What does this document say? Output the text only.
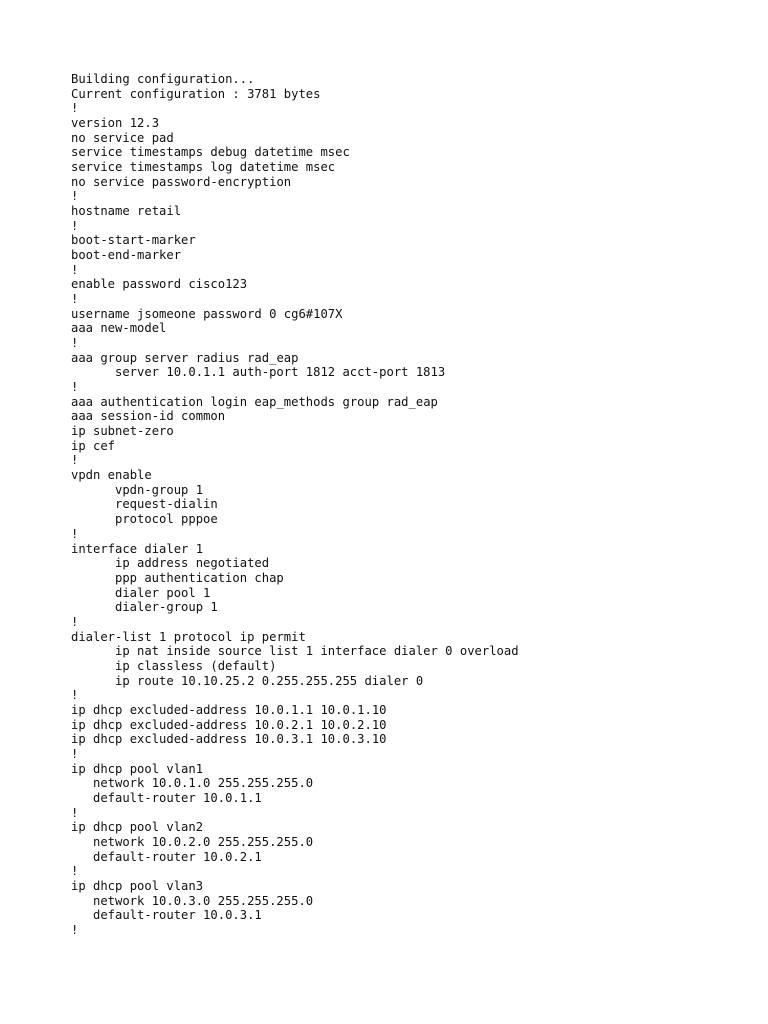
Building configuration...
Current configuration : 3781 bytes
!
version 12.3
no service pad
service timestamps debug datetime msec
service timestamps log datetime msec
no service password-encryption
!
hostname retail
!
boot-start-marker
boot-end-marker
!
enable password cisco123
!
username jsomeone password 0 cg6#107X
aaa new-model
!
aaa group server radius rad_eap
server 10.0.1.1 auth-port 1812 acct-port 1813
!
aaa authentication login eap_methods group rad_eap
aaa session-id common
ip subnet-zero
ip cef
!
vpdn enable
vpdn-group 1
request-dialin
protocol pppoe
!
interface dialer 1
ip address negotiated
ppp authentication chap
dialer pool 1
dialer-group 1
!
dialer-list 1 protocol ip permit
ip nat inside source list 1 interface dialer 0 overload
ip classless (default)
ip route 10.10.25.2 0.255.255.255 dialer 0
!
ip dhcp excluded-address 10.0.1.1 10.0.1.10
ip dhcp excluded-address 10.0.2.1 10.0.2.10
ip dhcp excluded-address 10.0.3.1 10.0.3.10
!
ip dhcp pool vlan1
network 10.0.1.0 255.255.255.0
default-router 10.0.1.1
!
ip dhcp pool vlan2
network 10.0.2.0 255.255.255.0
default-router 10.0.2.1
!
ip dhcp pool vlan3
network 10.0.3.0 255.255.255.0
default-router 10.0.3.1
!
